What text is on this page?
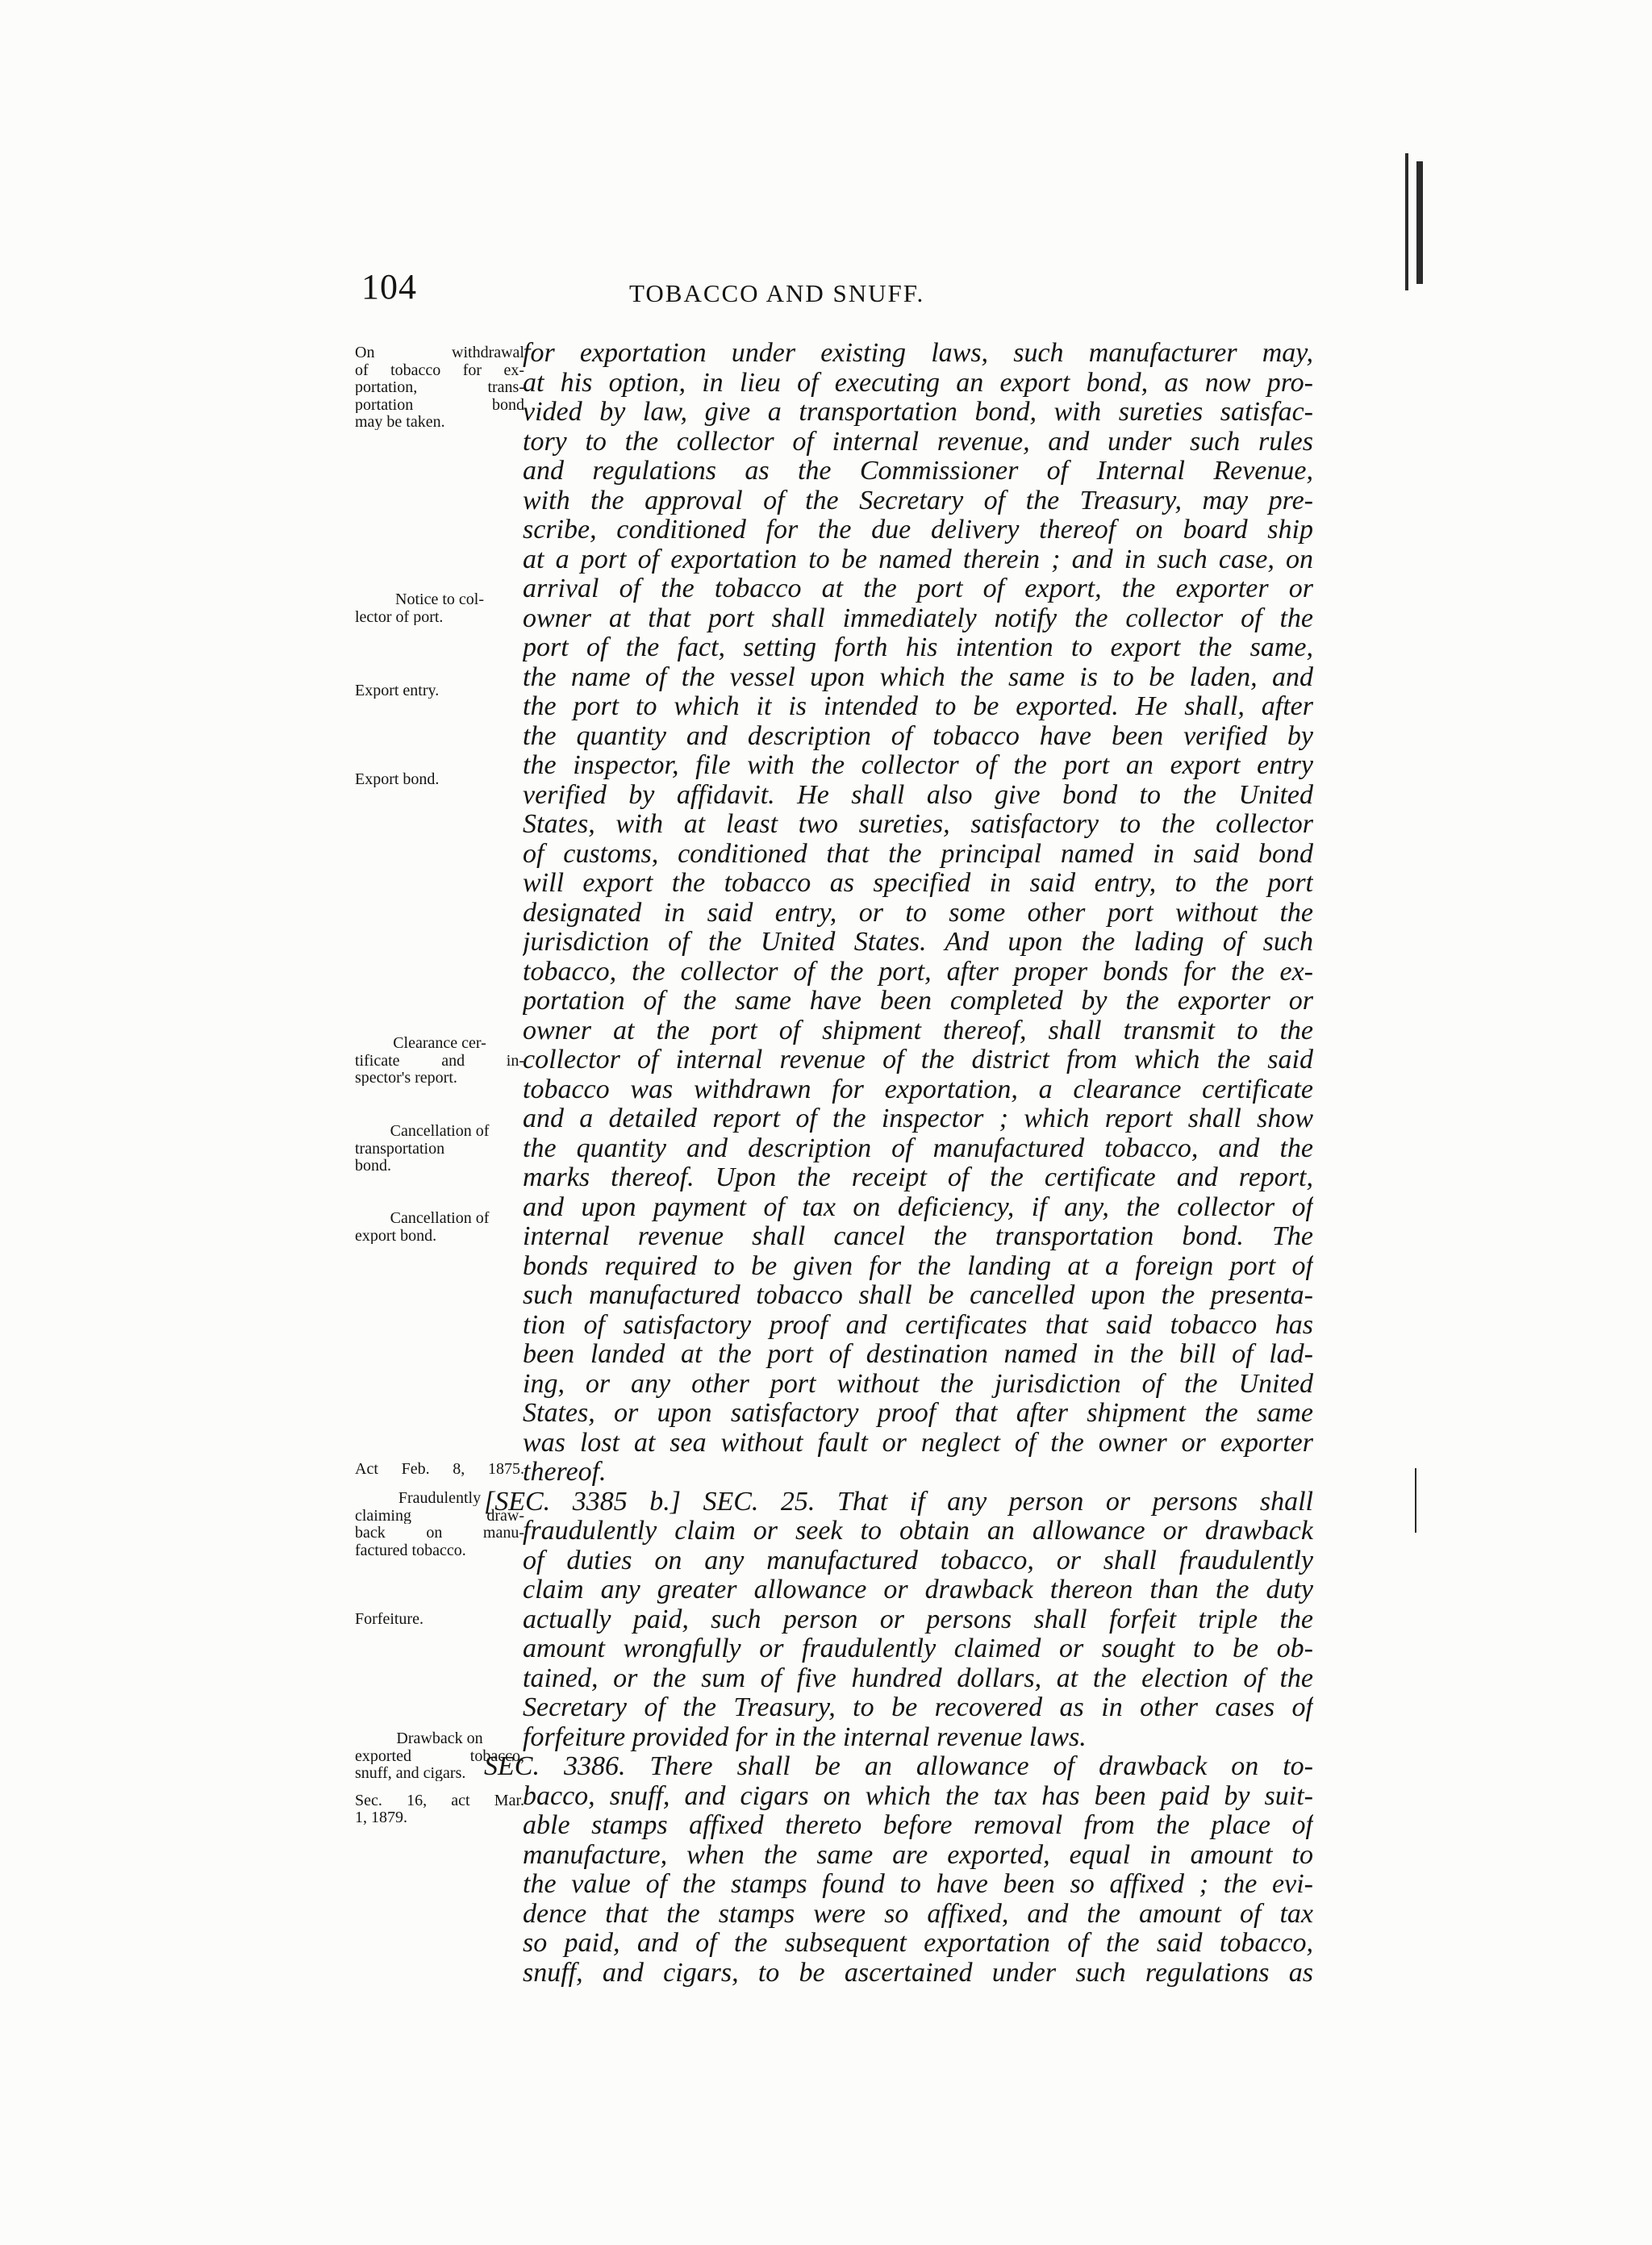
104	TOBACCO AND SNUFF.
for exportation under existing laws, such manufacturer may,
at his option, in lieu of executing an export bond, as now pro-
vided by law, give a transportation bond, with sureties satisfac-
tory to the collector of internal revenue, and under such rules
and regulations as the Commissioner of Internal Revenue,
with the approval of the Secretary of the Treasury, may pre-
scribe, conditioned for the due delivery thereof on board ship
at a port of exportation to be named therein ; and in such case, on
arrival of the tobacco at the port of export, the exporter or
owner at that port shall immediately notify the collector of the
port of the fact, setting forth his intention to export the same,
the name of the vessel upon which the same is to be laden, and
the port to which it is intended to be exported. He shall, after
the quantity and description of tobacco have been verified by
the inspector, file with the collector of the port an export entry
verified by affidavit. He shall also give bond to the United
States, with at least two sureties, satisfactory to the collector
of customs, conditioned that the principal named in said bond
will export the tobacco as specified in said entry, to the port
designated in said entry, or to some other port without the
jurisdiction of the United States. And upon the lading of such
tobacco, the collector of the port, after proper bonds for the ex-
portation of the same have been completed by the exporter or
owner at the port of shipment thereof, shall transmit to the
collector of internal revenue of the district from which the said
tobacco was withdrawn for exportation, a clearance certificate
and a detailed report of the inspector ; which report shall show
the quantity and description of manufactured tobacco, and the
marks thereof. Upon the receipt of the certificate and report,
and upon payment of tax on deficiency, if any, the collector of
internal revenue shall cancel the transportation bond. The
bonds required to be given for the landing at a foreign port of
such manufactured tobacco shall be cancelled upon the presenta-
tion of satisfactory proof and certificates that said tobacco has
been landed at the port of destination named in the bill of lad-
ing, or any other port without the jurisdiction of the United
States, or upon satisfactory proof that after shipment the same
was lost at sea without fault or neglect of the owner or exporter
thereof.
[SEC. 3385 b.] SEC. 25. That if any person or persons shall
fraudulently claim or seek to obtain an allowance or drawback
of duties on any manufactured tobacco, or shall fraudulently
claim any greater allowance or drawback thereon than the duty
actually paid, such person or persons shall forfeit triple the
amount wrongfully or fraudulently claimed or sought to be ob-
tained, or the sum of five hundred dollars, at the election of the
Secretary of the Treasury, to be recovered as in other cases of
forfeiture provided for in the internal revenue laws.
SEC. 3386. There shall be an allowance of drawback on to-
bacco, snuff, and cigars on which the tax has been paid by suit-
able stamps affixed thereto before removal from the place of
manufacture, when the same are exported, equal in amount to
the value of the stamps found to have been so affixed ; the evi-
dence that the stamps were so affixed, and the amount of tax
so paid, and of the subsequent exportation of the said tobacco,
snuff, and cigars, to be ascertained under such regulations as
On withdrawal
of tobacco for ex-
portation, trans-
portation bond
may be taken.
Notice to col-
lector of port.
Export entry.
Export bond.
Clearance cer-
tificate and in-
spector's report.
Cancellation of
transportation
bond.
Cancellation of
export bond.
Act Feb. 8, 1875.
Fraudulently
claiming draw-
back on manu-
factured tobacco.
Forfeiture.
Drawback on
exported tobacco,
snuff, and cigars.
Sec. 16, act Mar.
1, 1879.
